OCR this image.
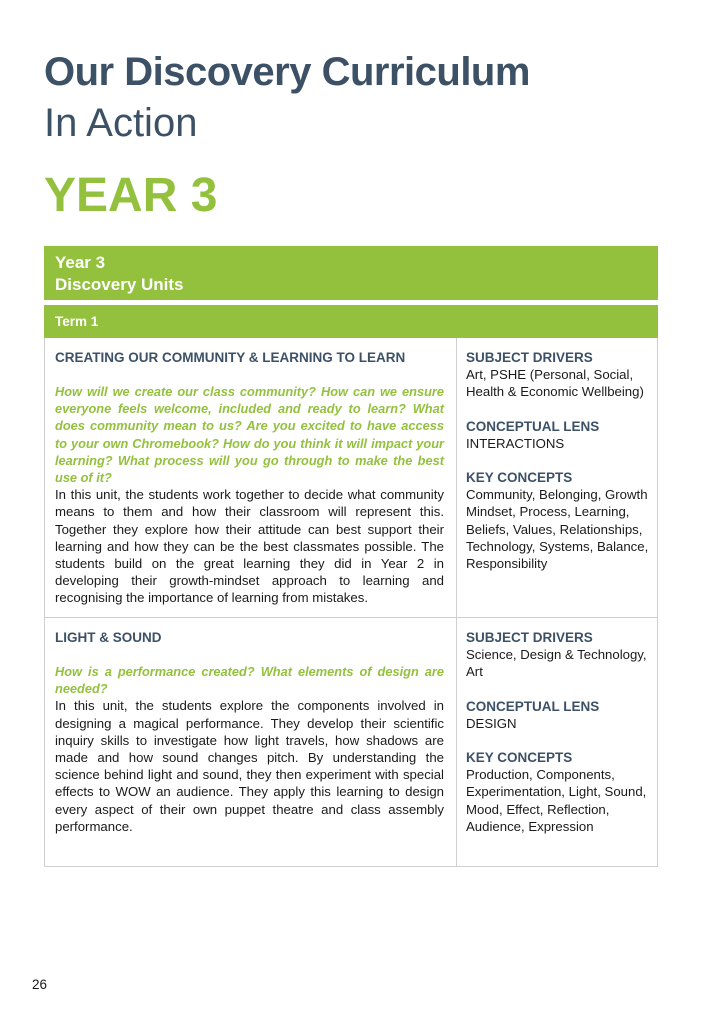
Our Discovery Curriculum
In Action
YEAR 3
Year 3
Discovery Units
Term 1
CREATING OUR COMMUNITY & LEARNING TO LEARN
How will we create our class community? How can we ensure everyone feels welcome, included and ready to learn? What does community mean to us? Are you excited to have access to your own Chromebook? How do you think it will impact your learning? What process will you go through to make the best use of it?
In this unit, the students work together to decide what community means to them and how their classroom will represent this. Together they explore how their attitude can best support their learning and how they can be the best classmates possible. The students build on the great learning they did in Year 2 in developing their growth-mindset approach to learning and recognising the importance of learning from mistakes.
SUBJECT DRIVERS
Art, PSHE (Personal, Social, Health & Economic Wellbeing)
CONCEPTUAL LENS
INTERACTIONS
KEY CONCEPTS
Community, Belonging, Growth Mindset, Process, Learning, Beliefs, Values, Relationships, Technology, Systems, Balance, Responsibility
LIGHT & SOUND
How is a performance created? What elements of design are needed?
In this unit, the students explore the components involved in designing a magical performance. They develop their scientific inquiry skills to investigate how light travels, how shadows are made and how sound changes pitch. By understanding the science behind light and sound, they then experiment with special effects to WOW an audience. They apply this learning to design every aspect of their own puppet theatre and class assembly performance.
SUBJECT DRIVERS
Science, Design & Technology, Art
CONCEPTUAL LENS
DESIGN
KEY CONCEPTS
Production, Components, Experimentation, Light, Sound, Mood, Effect, Reflection, Audience, Expression
26
